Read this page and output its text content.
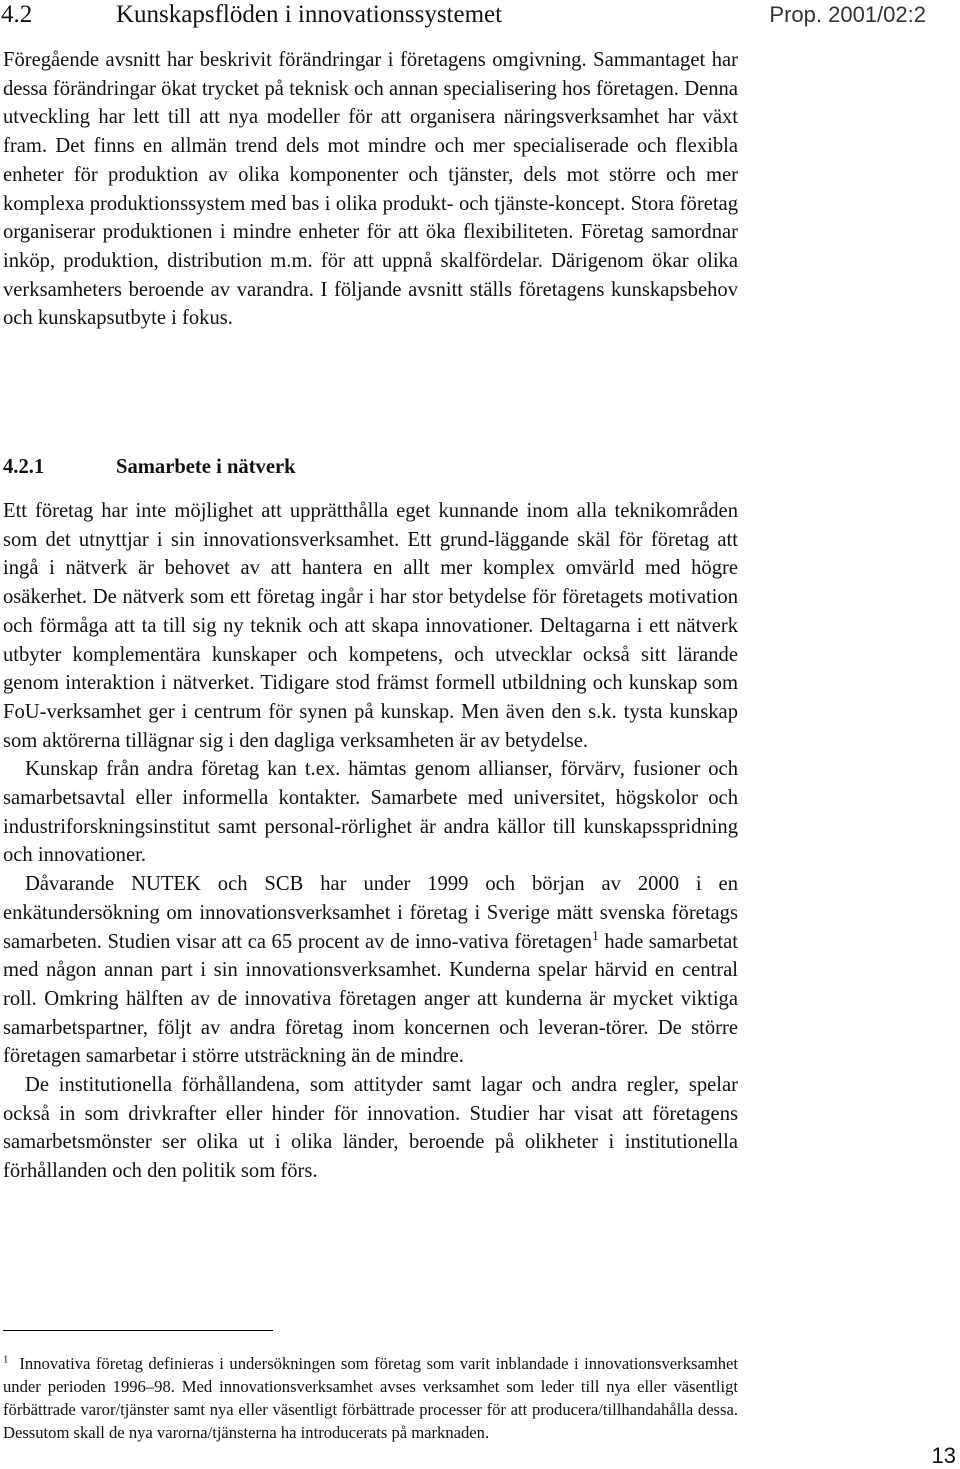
4.2	Kunskapsflöden i innovationssystemet	Prop. 2001/02:2

Föregående avsnitt har beskrivit förändringar i företagens omgivning. Sammantaget har dessa förändringar ökat trycket på teknisk och annan specialisering hos företagen. Denna utveckling har lett till att nya modeller för att organisera näringsverksamhet har växt fram. Det finns en allmän trend dels mot mindre och mer specialiserade och flexibla enheter för produktion av olika komponenter och tjänster, dels mot större och mer komplexa produktionssystem med bas i olika produkt- och tjänste-koncept. Stora företag organiserar produktionen i mindre enheter för att öka flexibiliteten. Företag samordnar inköp, produktion, distribution m.m. för att uppnå skalfördelar. Därigenom ökar olika verksamheters beroende av varandra. I följande avsnitt ställs företagens kunskapsbehov och kunskapsutbyte i fokus.

4.2.1	Samarbete i nätverk

Ett företag har inte möjlighet att upprätthålla eget kunnande inom alla teknikområden som det utnyttjar i sin innovationsverksamhet. Ett grund-läggande skäl för företag att ingå i nätverk är behovet av att hantera en allt mer komplex omvärld med högre osäkerhet. De nätverk som ett företag ingår i har stor betydelse för företagets motivation och förmåga att ta till sig ny teknik och att skapa innovationer. Deltagarna i ett nätverk utbyter komplementära kunskaper och kompetens, och utvecklar också sitt lärande genom interaktion i nätverket. Tidigare stod främst formell utbildning och kunskap som FoU-verksamhet ger i centrum för synen på kunskap. Men även den s.k. tysta kunskap som aktörerna tillägnar sig i den dagliga verksamheten är av betydelse.

Kunskap från andra företag kan t.ex. hämtas genom allianser, förvärv, fusioner och samarbetsavtal eller informella kontakter. Samarbete med universitet, högskolor och industriforskningsinstitut samt personal-rörlighet är andra källor till kunskapsspridning och innovationer.

Dåvarande NUTEK och SCB har under 1999 och början av 2000 i en enkätundersökning om innovationsverksamhet i företag i Sverige mätt svenska företags samarbeten. Studien visar att ca 65 procent av de inno-vativa företagen$^1$ hade samarbetat med någon annan part i sin innovationsverksamhet. Kunderna spelar härvid en central roll. Omkring hälften av de innovativa företagen anger att kunderna är mycket viktiga samarbetspartner, följt av andra företag inom koncernen och leveran-törer. De större företagen samarbetar i större utsträckning än de mindre.

De institutionella förhållandena, som attityder samt lagar och andra regler, spelar också in som drivkrafter eller hinder för innovation. Studier har visat att företagens samarbetsmönster ser olika ut i olika länder, beroende på olikheter i institutionella förhållanden och den politik som förs.

$^1$ Innovativa företag definieras i undersökningen som företag som varit inblandade i innovationsverksamhet under perioden 1996–98. Med innovationsverksamhet avses verksamhet som leder till nya eller väsentligt förbättrade varor/tjänster samt nya eller väsentligt förbättrade processer för att producera/tillhandahålla dessa. Dessutom skall de nya varorna/tjänsterna ha introducerats på marknaden.
13
